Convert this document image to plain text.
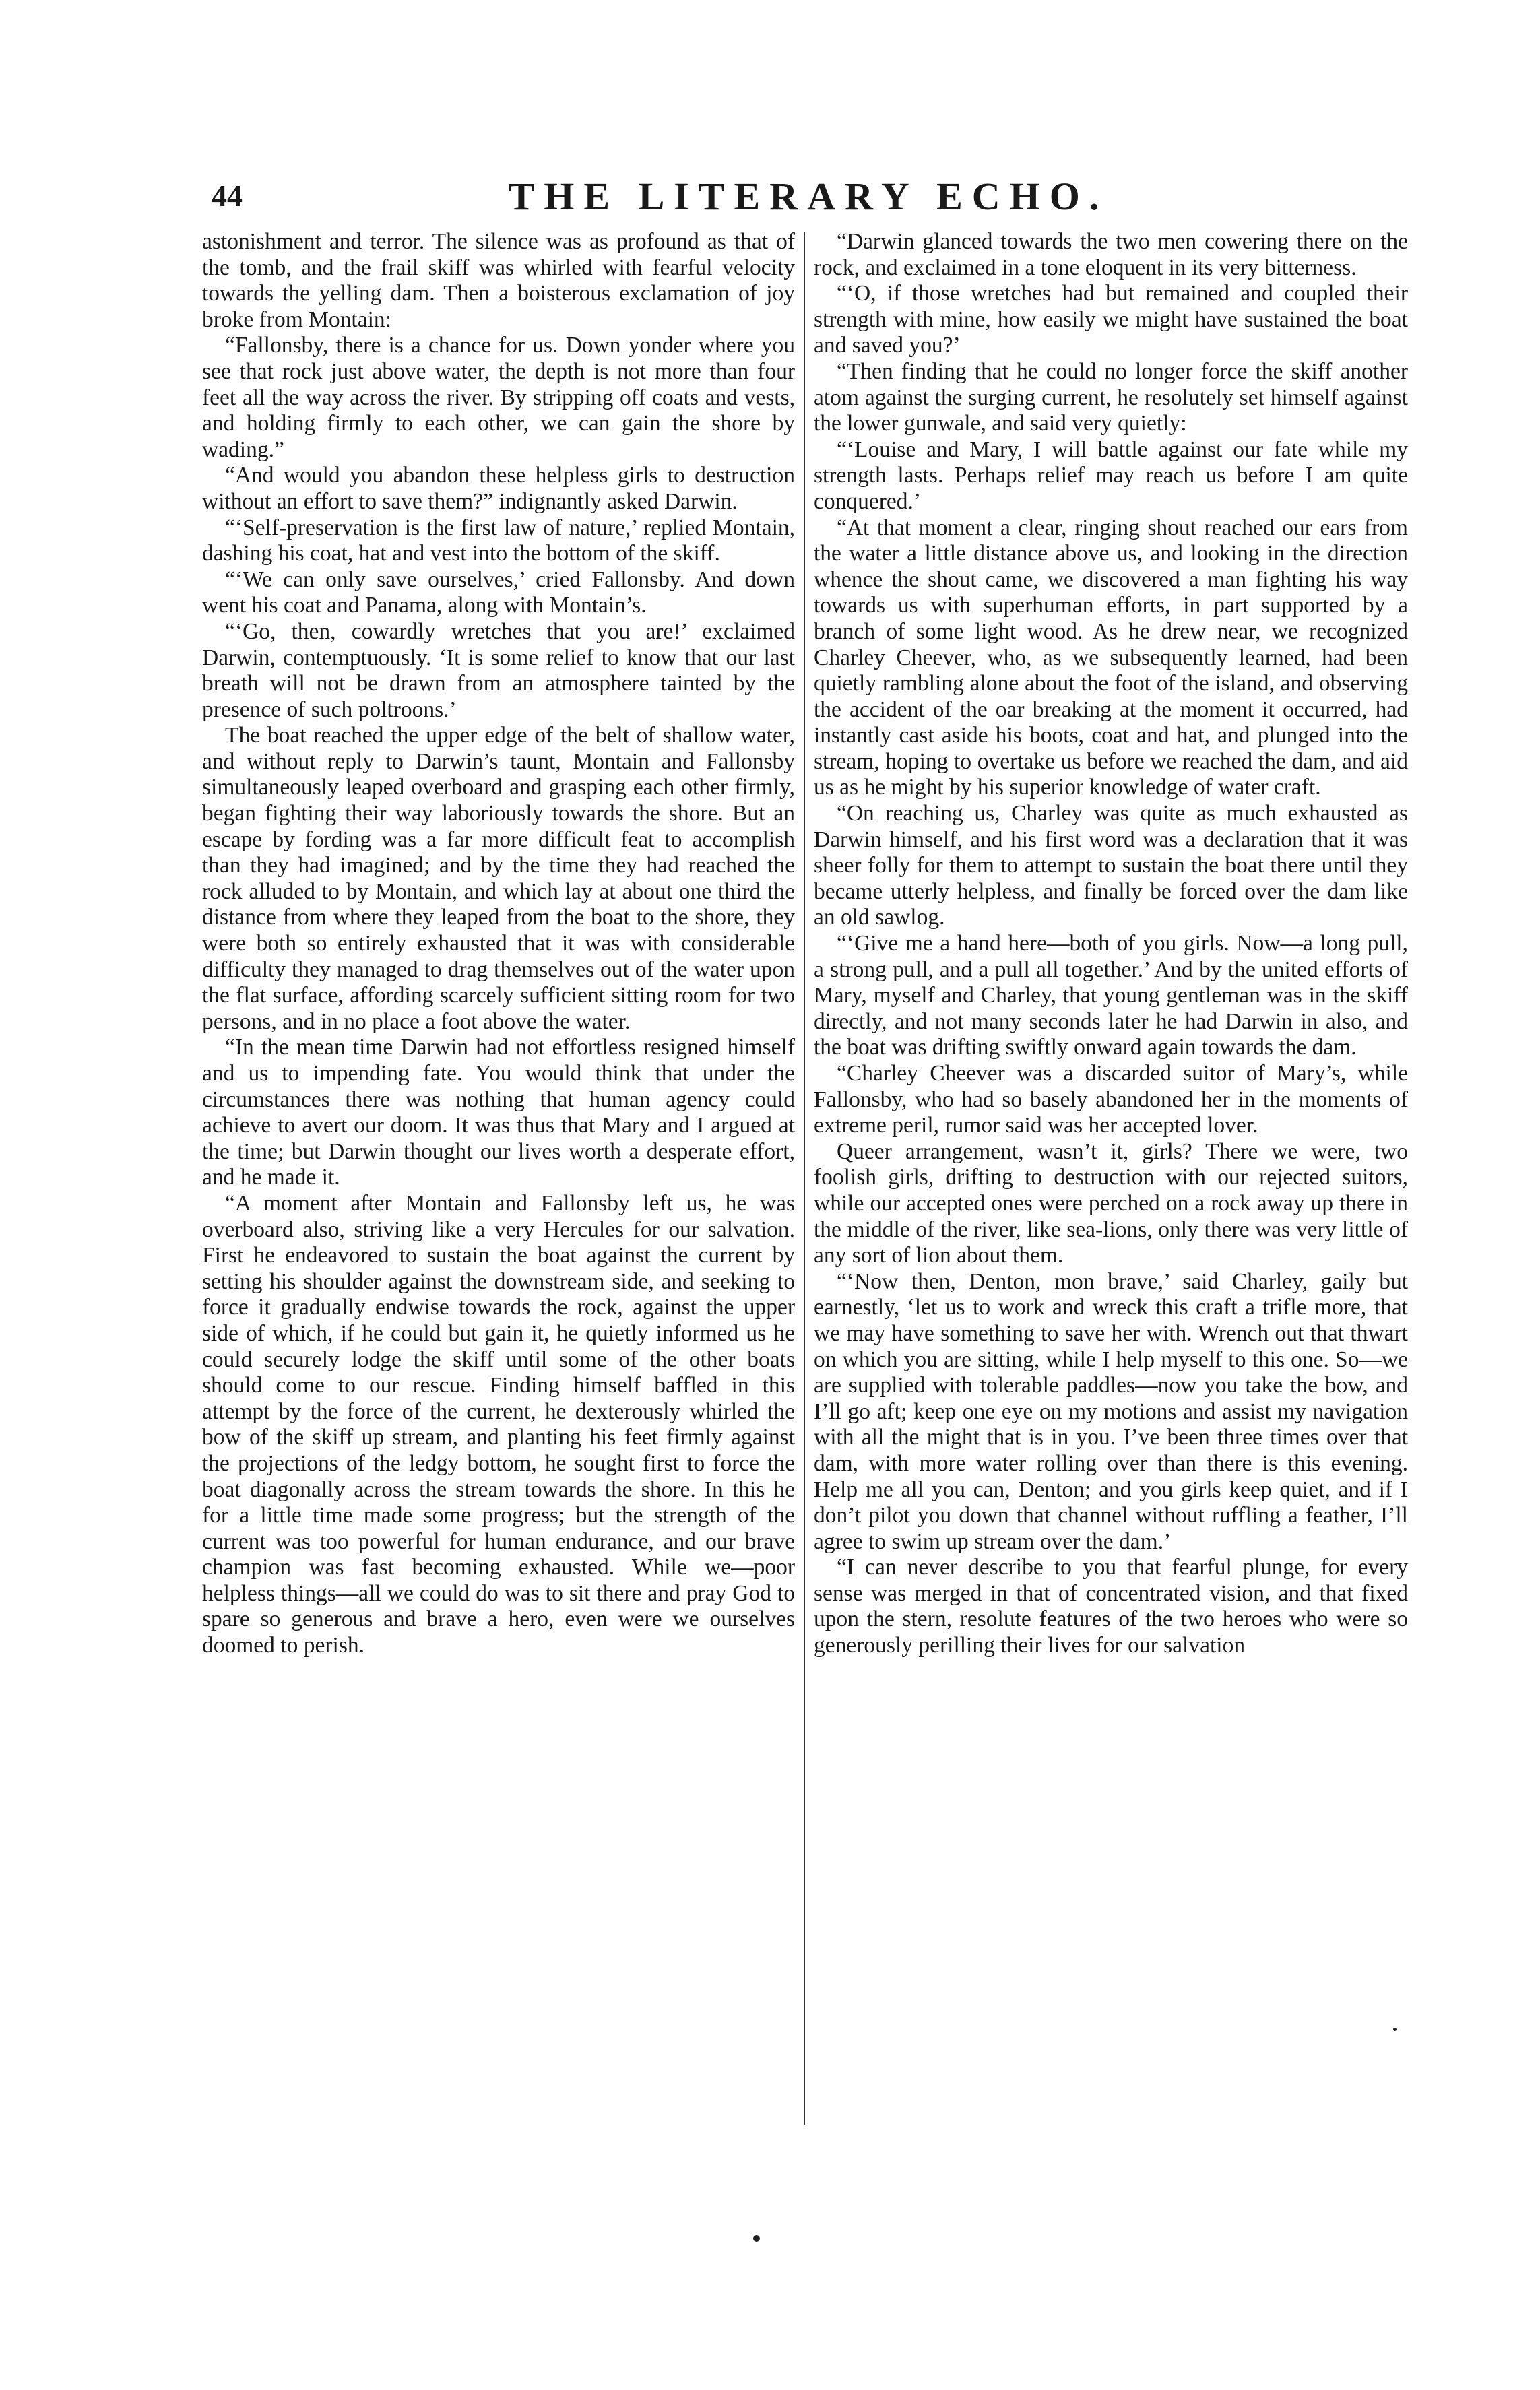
44	THE LITERARY ECHO.

astonishment and terror. The silence was as profound as that of the tomb, and the frail skiff was whirled with fearful velocity towards the yelling dam. Then a boisterous exclamation of joy broke from Montain:

“Fallonsby, there is a chance for us. Down yonder where you see that rock just above water, the depth is not more than four feet all the way across the river. By stripping off coats and vests, and holding firmly to each other, we can gain the shore by wading.”

“And would you abandon these helpless girls to destruction without an effort to save them?” indignantly asked Darwin.

“‘Self-preservation is the first law of nature,’ replied Montain, dashing his coat, hat and vest into the bottom of the skiff.

“‘We can only save ourselves,’ cried Fallonsby. And down went his coat and Panama, along with Montain’s.

“‘Go, then, cowardly wretches that you are!’ exclaimed Darwin, contemptuously. ‘It is some relief to know that our last breath will not be drawn from an atmosphere tainted by the presence of such poltroons.’

The boat reached the upper edge of the belt of shallow water, and without reply to Darwin’s taunt, Montain and Fallonsby simultaneously leaped overboard and grasping each other firmly, began fighting their way laboriously towards the shore. But an escape by fording was a far more difficult feat to accomplish than they had imagined; and by the time they had reached the rock alluded to by Montain, and which lay at about one third the distance from where they leaped from the boat to the shore, they were both so entirely exhausted that it was with considerable difficulty they managed to drag themselves out of the water upon the flat surface, affording scarcely sufficient sitting room for two persons, and in no place a foot above the water.

“In the mean time Darwin had not effortless resigned himself and us to impending fate. You would think that under the circumstances there was nothing that human agency could achieve to avert our doom. It was thus that Mary and I argued at the time; but Darwin thought our lives worth a desperate effort, and he made it.

“A moment after Montain and Fallonsby left us, he was overboard also, striving like a very Hercules for our salvation. First he endeavored to sustain the boat against the current by setting his shoulder against the downstream side, and seeking to force it gradually endwise towards the rock, against the upper side of which, if he could but gain it, he quietly informed us he could securely lodge the skiff until some of the other boats should come to our rescue. Finding himself baffled in this attempt by the force of the current, he dexterously whirled the bow of the skiff up stream, and planting his feet firmly against the projections of the ledgy bottom, he sought first to force the boat diagonally across the stream towards the shore. In this he for a little time made some progress; but the strength of the current was too powerful for human endurance, and our brave champion was fast becoming exhausted. While we—poor helpless things—all we could do was to sit there and pray God to spare so generous and brave a hero, even were we ourselves doomed to perish.

“Darwin glanced towards the two men cowering there on the rock, and exclaimed in a tone eloquent in its very bitterness.

“‘O, if those wretches had but remained and coupled their strength with mine, how easily we might have sustained the boat and saved you?’

“Then finding that he could no longer force the skiff another atom against the surging current, he resolutely set himself against the lower gunwale, and said very quietly:

“‘Louise and Mary, I will battle against our fate while my strength lasts. Perhaps relief may reach us before I am quite conquered.’

“At that moment a clear, ringing shout reached our ears from the water a little distance above us, and looking in the direction whence the shout came, we discovered a man fighting his way towards us with superhuman efforts, in part supported by a branch of some light wood. As he drew near, we recognized Charley Cheever, who, as we subsequently learned, had been quietly rambling alone about the foot of the island, and observing the accident of the oar breaking at the moment it occurred, had instantly cast aside his boots, coat and hat, and plunged into the stream, hoping to overtake us before we reached the dam, and aid us as he might by his superior knowledge of water craft.

“On reaching us, Charley was quite as much exhausted as Darwin himself, and his first word was a declaration that it was sheer folly for them to attempt to sustain the boat there until they became utterly helpless, and finally be forced over the dam like an old sawlog.

“‘Give me a hand here—both of you girls. Now—a long pull, a strong pull, and a pull all together.’ And by the united efforts of Mary, myself and Charley, that young gentleman was in the skiff directly, and not many seconds later he had Darwin in also, and the boat was drifting swiftly onward again towards the dam.

“Charley Cheever was a discarded suitor of Mary’s, while Fallonsby, who had so basely abandoned her in the moments of extreme peril, rumor said was her accepted lover.

Queer arrangement, wasn’t it, girls? There we were, two foolish girls, drifting to destruction with our rejected suitors, while our accepted ones were perched on a rock away up there in the middle of the river, like sea-lions, only there was very little of any sort of lion about them.

“‘Now then, Denton, mon brave,’ said Charley, gaily but earnestly, ‘let us to work and wreck this craft a trifle more, that we may have something to save her with. Wrench out that thwart on which you are sitting, while I help myself to this one. So—we are supplied with tolerable paddles—now you take the bow, and I’ll go aft; keep one eye on my motions and assist my navigation with all the might that is in you. I’ve been three times over that dam, with more water rolling over than there is this evening. Help me all you can, Denton; and you girls keep quiet, and if I don’t pilot you down that channel without ruffling a feather, I’ll agree to swim up stream over the dam.’

“I can never describe to you that fearful plunge, for every sense was merged in that of concentrated vision, and that fixed upon the stern, resolute features of the two heroes who were so generously perilling their lives for our salvation
